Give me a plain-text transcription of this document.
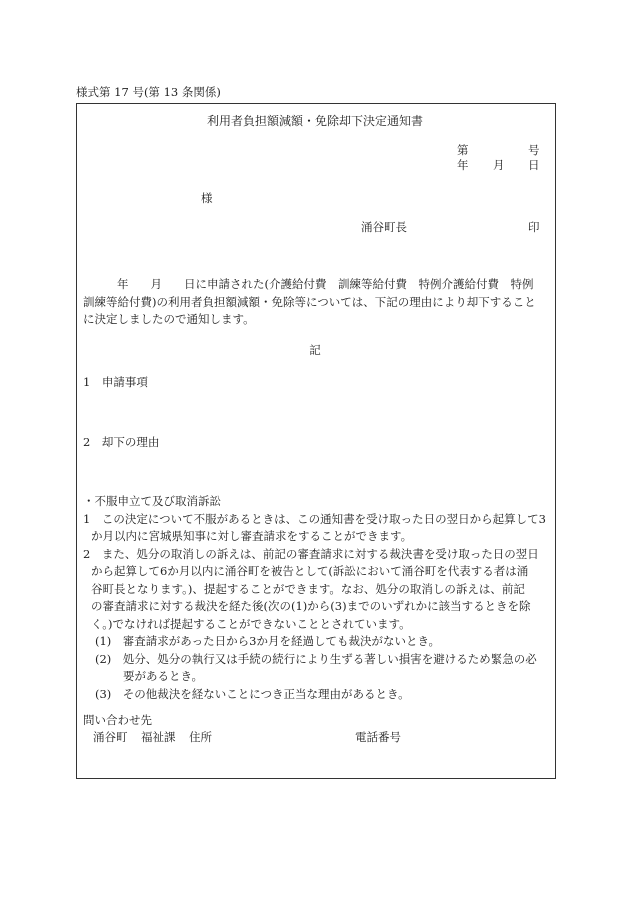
様式第 17 号(第 13 条関係)
利用者負担額減額・免除却下決定通知書
第	号
年 月 日
様
涌谷町長	印
年 月 日に申請された(介護給付費　訓練等給付費　特例介護給付費　特例
訓練等給付費)の利用者負担額減額・免除等については、下記の理由により却下すること
に決定しましたので通知します。
記
1　申請事項
2　却下の理由
・不服申立て及び取消訴訟
1　この決定について不服があるときは、この通知書を受け取った日の翌日から起算して3
か月以内に宮城県知事に対し審査請求をすることができます。
2　また、処分の取消しの訴えは、前記の審査請求に対する裁決書を受け取った日の翌日
から起算して6か月以内に涌谷町を被告として(訴訟において涌谷町を代表する者は涌
谷町長となります。)、提起することができます。なお、処分の取消しの訴えは、前記
の審査請求に対する裁決を経た後(次の(1)から(3)までのいずれかに該当するときを除
く。)でなければ提起することができないこととされています。
(1)　審査請求があった日から3か月を経過しても裁決がないとき。
(2)　処分、処分の執行又は手続の続行により生ずる著しい損害を避けるため緊急の必
要があるとき。
(3)　その他裁決を経ないことにつき正当な理由があるとき。
問い合わせ先
涌谷町 福祉課 住所	電話番号
